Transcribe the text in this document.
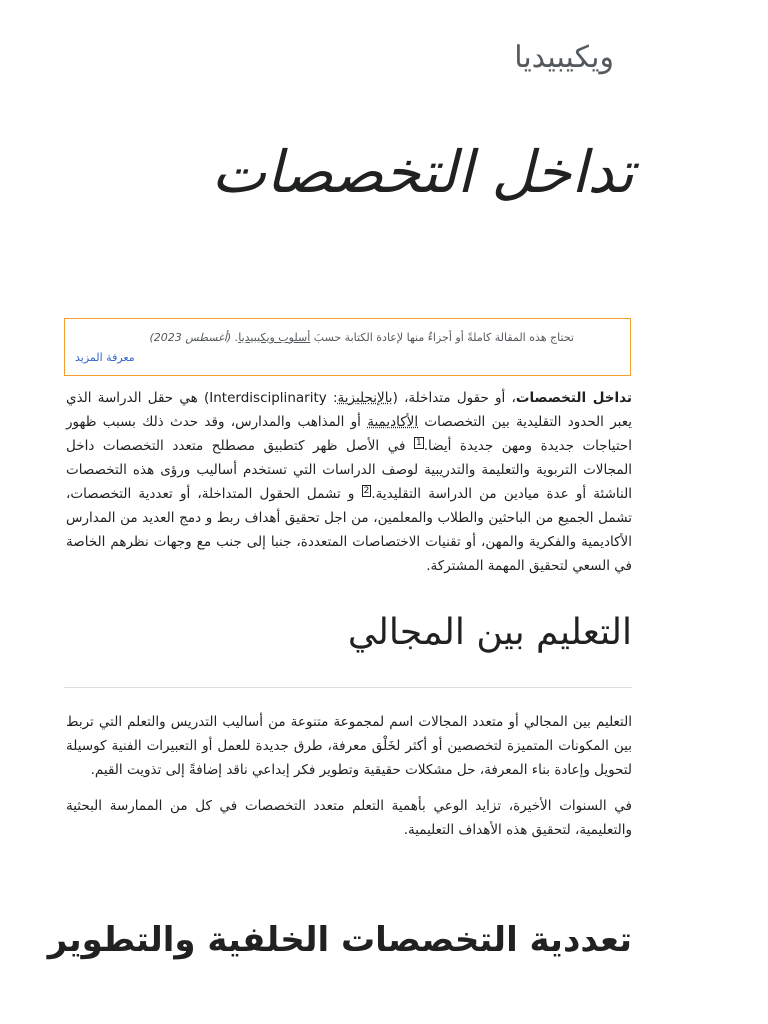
ويكيبيديا
تداخل التخصصات
تحتاج هذه المقالة كاملةً أو أجزاءٌ منها لإعادة الكتابة حسبَ أسلوب ويكيبيديا. (أغسطس 2023)
معرفة المزيد

تداخل التخصصات، أو حقول متداخلة، (بالإنجليزية: Interdisciplinarity) هي حقل الدراسة الذي يعبر الحدود التقليدية بين التخصصات الأكاديمية أو المذاهب والمدارس، وقد حدث ذلك بسبب ظهور احتياجات جديدة ومهن جديدة أيضا.$^1$ في الأصل ظهر كتطبيق مصطلح متعدد التخصصات داخل المجالات التربوية والتعليمة والتدريبية لوصف الدراسات التي تستخدم أساليب ورؤى هذه التخصصات الناشئة أو عدة ميادين من الدراسة التقليدية.$^2$ و تشمل الحقول المتداخلة، أو تعددية التخصصات، تشمل الجميع من الباحثين والطلاب والمعلمين، من اجل تحقيق أهداف ربط و دمج العديد من المدارس الأكاديمية والفكرية والمهن، أو تقنيات الاختصاصات المتعددة، جنبا إلى جنب مع وجهات نظرهم الخاصة في السعي لتحقيق المهمة المشتركة.

التعليم بين المجالي

التعليم بين المجالي أو متعدد المجالات اسم لمجموعة متنوعة من أساليب التدريس والتعلم التي تربط بين المكونات المتميزة لتخصصين أو أكثر لخَلْق معرفة، طرق جديدة للعمل أو التعبيرات الفنية كوسيلة لتحويل وإعادة بناء المعرفة، حل مشكلات حقيقية وتطوير فكر إبداعي ناقد إضافةً إلى تذويت القيم.

في السنوات الأخيرة، تزايد الوعي بأهمية التعلم متعدد التخصصات في كل من الممارسة البحثية والتعليمية، لتحقيق هذه الأهداف التعليمية.

تعددية التخصصات الخلفية والتطوير
